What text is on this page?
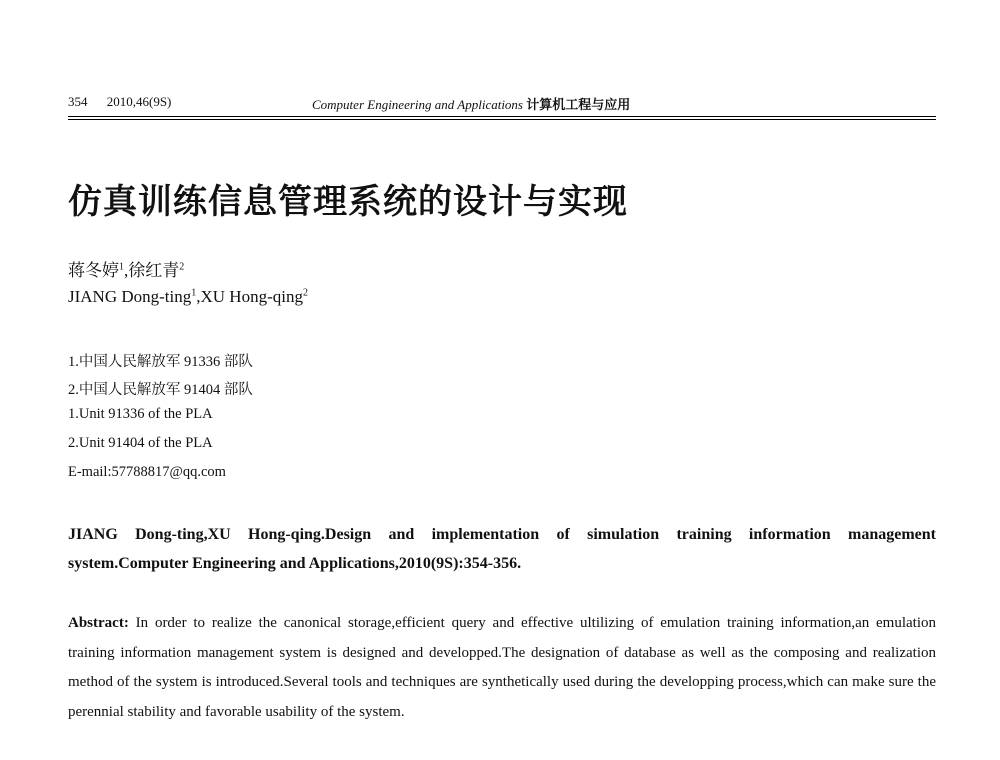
354 2010,46(9S)	Computer Engineering and Applications 计算机工程与应用
仿真训练信息管理系统的设计与实现
蒋冬婷$^1$,徐红青$^2$
JIANG Dong-ting$^1$,XU Hong-qing$^2$
1.中国人民解放军 91336 部队
2.中国人民解放军 91404 部队
1.Unit 91336 of the PLA
2.Unit 91404 of the PLA
E-mail:57788817@qq.com
JIANG Dong-ting,XU Hong-qing.Design and implementation of simulation training information management system.Computer Engineering and Applications,2010(9S):354-356.
Abstract: In order to realize the canonical storage,efficient query and effective ultilizing of emulation training information,an emulation training information management system is designed and developped.The designation of database as well as the composing and realization method of the system is introduced.Several tools and techniques are synthetically used during the developping process,which can make sure the perennial stability and favorable usability of the system.
